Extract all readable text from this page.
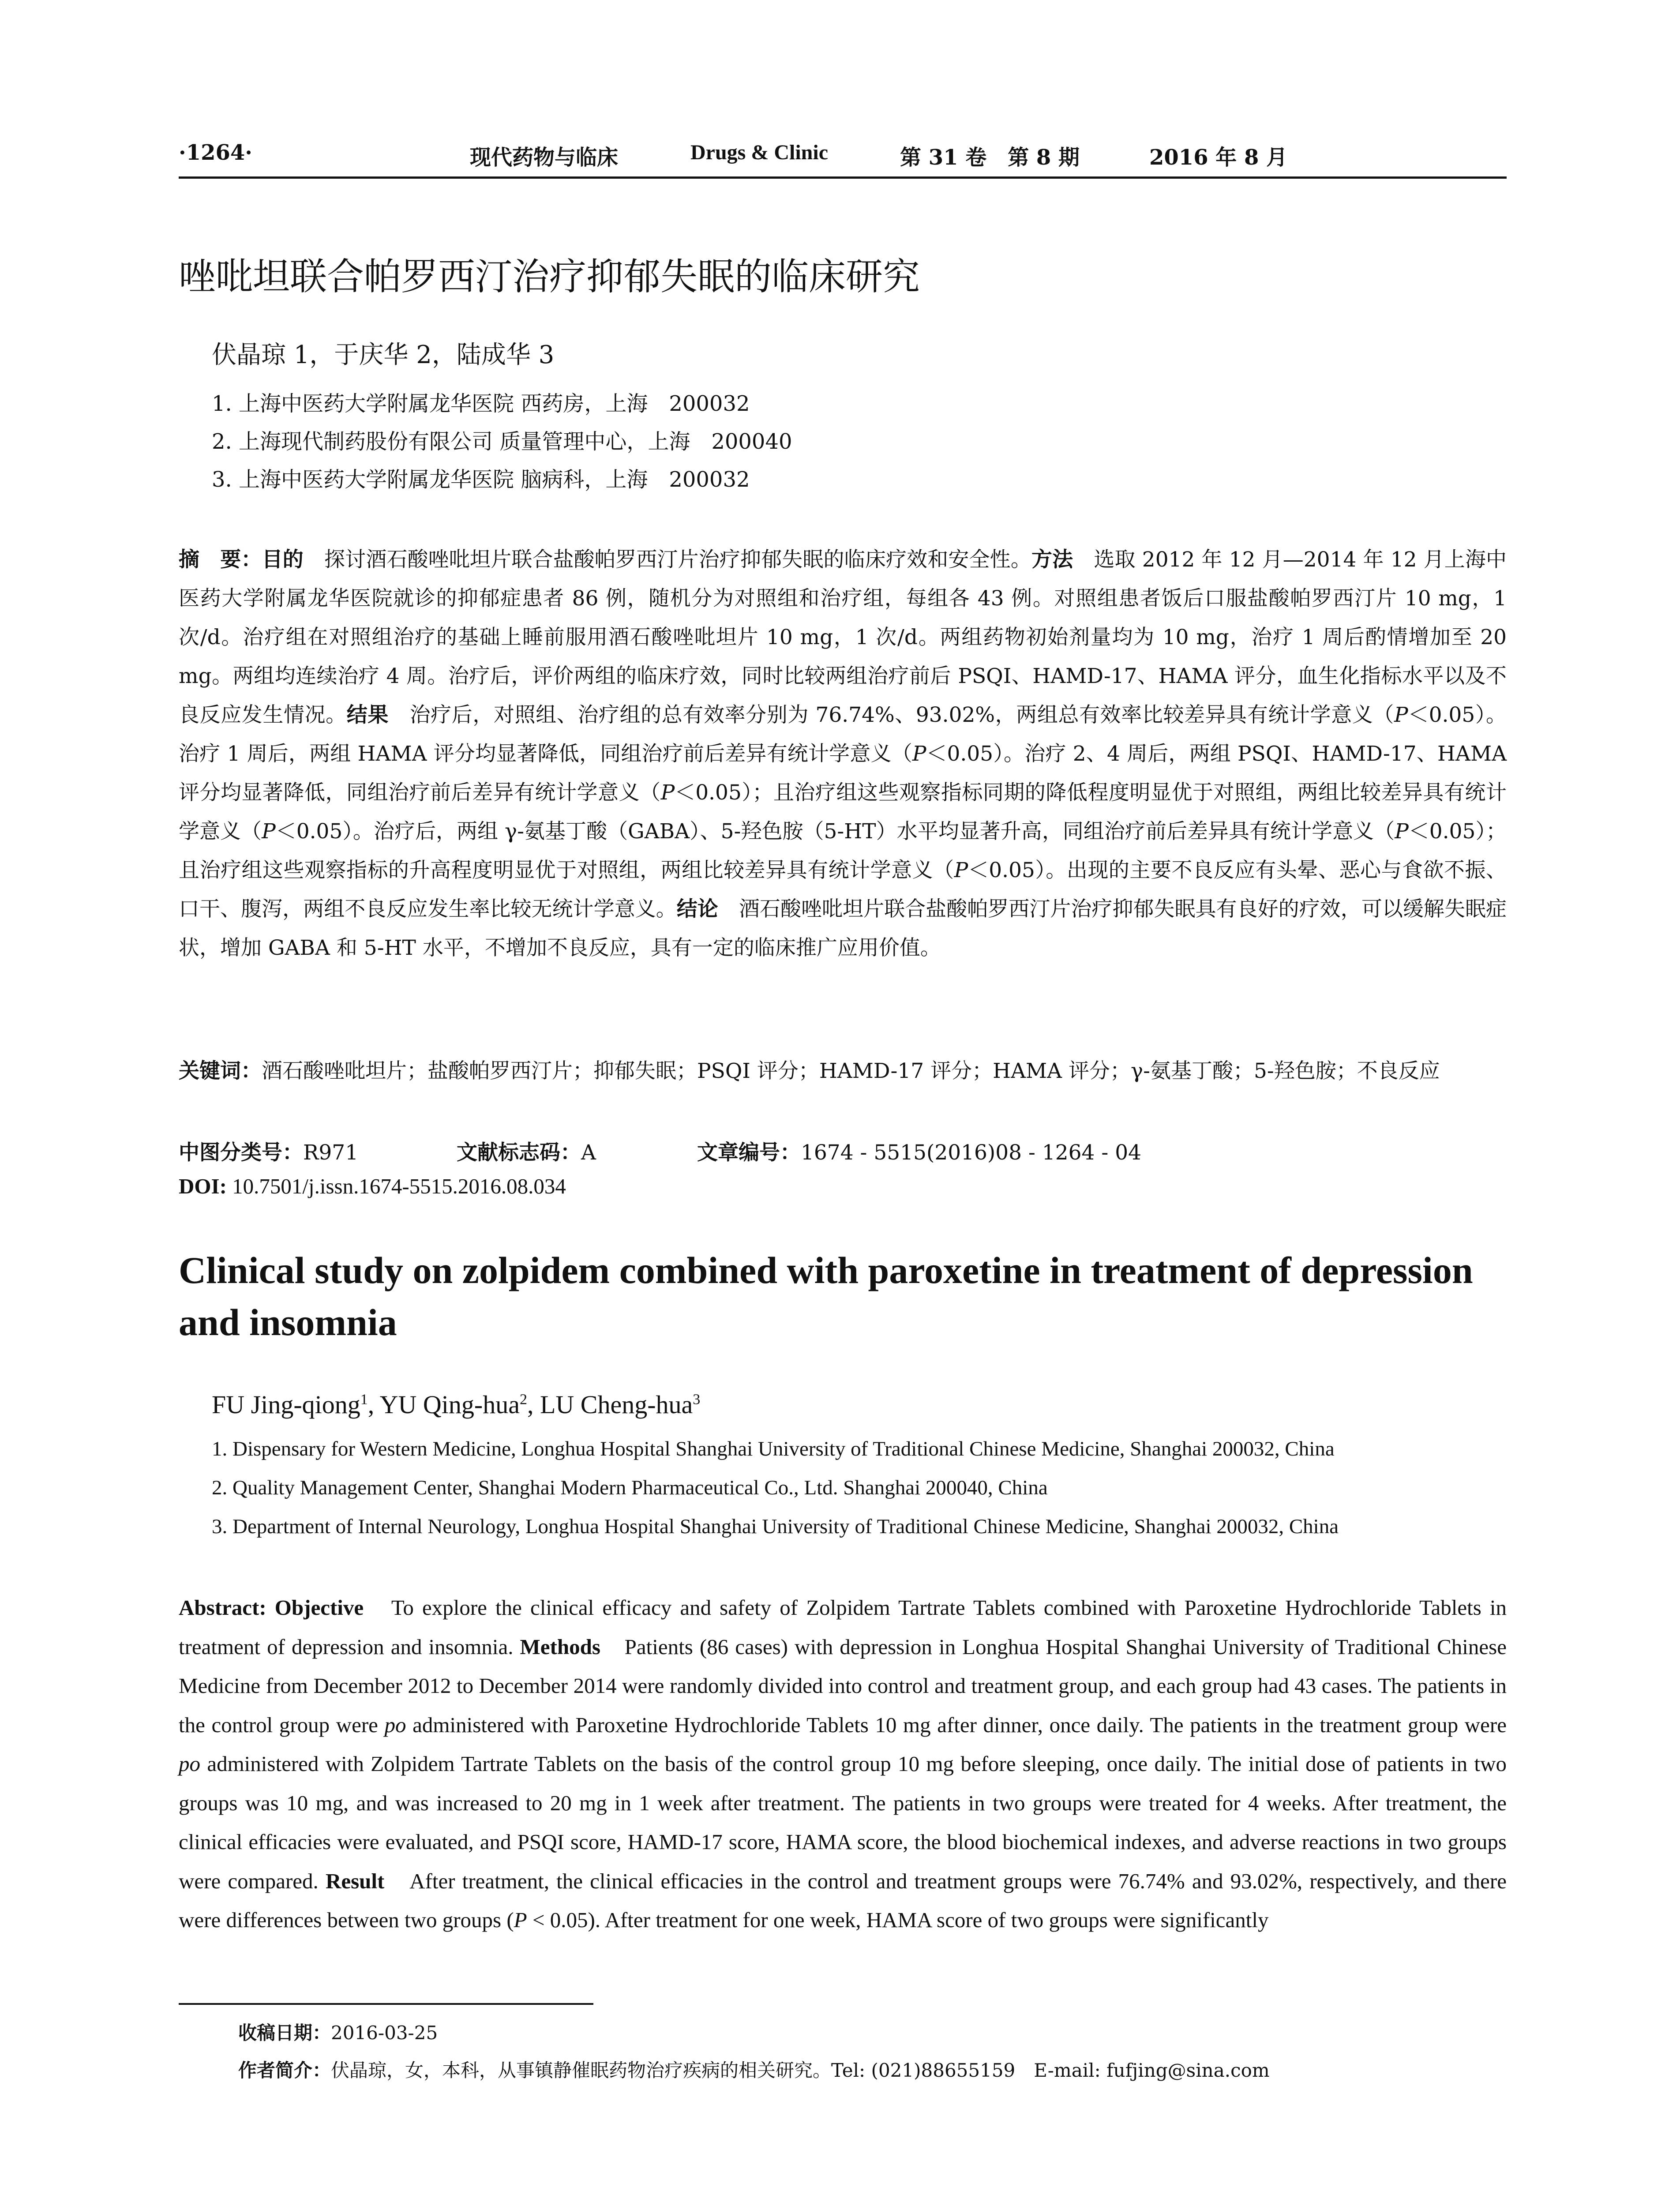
·1264·	现代药物与临床	Drugs & Clinic	第 31 卷　第 8 期	2016 年 8 月
唑吡坦联合帕罗西汀治疗抑郁失眠的临床研究
伏晶琼 1，于庆华 2，陆成华 3
1. 上海中医药大学附属龙华医院 西药房，上海　200032
2. 上海现代制药股份有限公司 质量管理中心，上海　200040
3. 上海中医药大学附属龙华医院 脑病科，上海　200032
摘　要：目的　探讨酒石酸唑吡坦片联合盐酸帕罗西汀片治疗抑郁失眠的临床疗效和安全性。方法　选取 2012 年 12 月—2014 年 12 月上海中医药大学附属龙华医院就诊的抑郁症患者 86 例，随机分为对照组和治疗组，每组各 43 例。对照组患者饭后口服盐酸帕罗西汀片 10 mg，1 次/d。治疗组在对照组治疗的基础上睡前服用酒石酸唑吡坦片 10 mg，1 次/d。两组药物初始剂量均为 10 mg，治疗 1 周后酌情增加至 20 mg。两组均连续治疗 4 周。治疗后，评价两组的临床疗效，同时比较两组治疗前后 PSQI、HAMD-17、HAMA 评分，血生化指标水平以及不良反应发生情况。结果　治疗后，对照组、治疗组的总有效率分别为 76.74%、93.02%，两组总有效率比较差异具有统计学意义（P＜0.05）。治疗 1 周后，两组 HAMA 评分均显著降低，同组治疗前后差异有统计学意义（P＜0.05）。治疗 2、4 周后，两组 PSQI、HAMD-17、HAMA 评分均显著降低，同组治疗前后差异有统计学意义（P＜0.05）；且治疗组这些观察指标同期的降低程度明显优于对照组，两组比较差异具有统计学意义（P＜0.05）。治疗后，两组 γ-氨基丁酸（GABA）、5-羟色胺（5-HT）水平均显著升高，同组治疗前后差异具有统计学意义（P＜0.05）；且治疗组这些观察指标的升高程度明显优于对照组，两组比较差异具有统计学意义（P＜0.05）。出现的主要不良反应有头晕、恶心与食欲不振、口干、腹泻，两组不良反应发生率比较无统计学意义。结论　酒石酸唑吡坦片联合盐酸帕罗西汀片治疗抑郁失眠具有良好的疗效，可以缓解失眠症状，增加 GABA 和 5-HT 水平，不增加不良反应，具有一定的临床推广应用价值。
关键词：酒石酸唑吡坦片；盐酸帕罗西汀片；抑郁失眠；PSQI 评分；HAMD-17 评分；HAMA 评分；γ-氨基丁酸；5-羟色胺；不良反应
中图分类号：R971	文献标志码：A	文章编号：1674 - 5515(2016)08 - 1264 - 04
DOI: 10.7501/j.issn.1674-5515.2016.08.034
Clinical study on zolpidem combined with paroxetine in treatment of depression and insomnia
FU Jing-qiong$^1$, YU Qing-hua$^2$, LU Cheng-hua$^3$
1. Dispensary for Western Medicine, Longhua Hospital Shanghai University of Traditional Chinese Medicine, Shanghai 200032, China
2. Quality Management Center, Shanghai Modern Pharmaceutical Co., Ltd. Shanghai 200040, China
3. Department of Internal Neurology, Longhua Hospital Shanghai University of Traditional Chinese Medicine, Shanghai 200032, China
Abstract: Objective　To explore the clinical efficacy and safety of Zolpidem Tartrate Tablets combined with Paroxetine Hydrochloride Tablets in treatment of depression and insomnia. Methods　Patients (86 cases) with depression in Longhua Hospital Shanghai University of Traditional Chinese Medicine from December 2012 to December 2014 were randomly divided into control and treatment group, and each group had 43 cases. The patients in the control group were po administered with Paroxetine Hydrochloride Tablets 10 mg after dinner, once daily. The patients in the treatment group were po administered with Zolpidem Tartrate Tablets on the basis of the control group 10 mg before sleeping, once daily. The initial dose of patients in two groups was 10 mg, and was increased to 20 mg in 1 week after treatment. The patients in two groups were treated for 4 weeks. After treatment, the clinical efficacies were evaluated, and PSQI score, HAMD-17 score, HAMA score, the blood biochemical indexes, and adverse reactions in two groups were compared. Result　After treatment, the clinical efficacies in the control and treatment groups were 76.74% and 93.02%, respectively, and there were differences between two groups (P < 0.05). After treatment for one week, HAMA score of two groups were significantly
收稿日期：2016-03-25
作者简介：伏晶琼，女，本科，从事镇静催眠药物治疗疾病的相关研究。Tel: (021)88655159　E-mail: fufjing@sina.com
